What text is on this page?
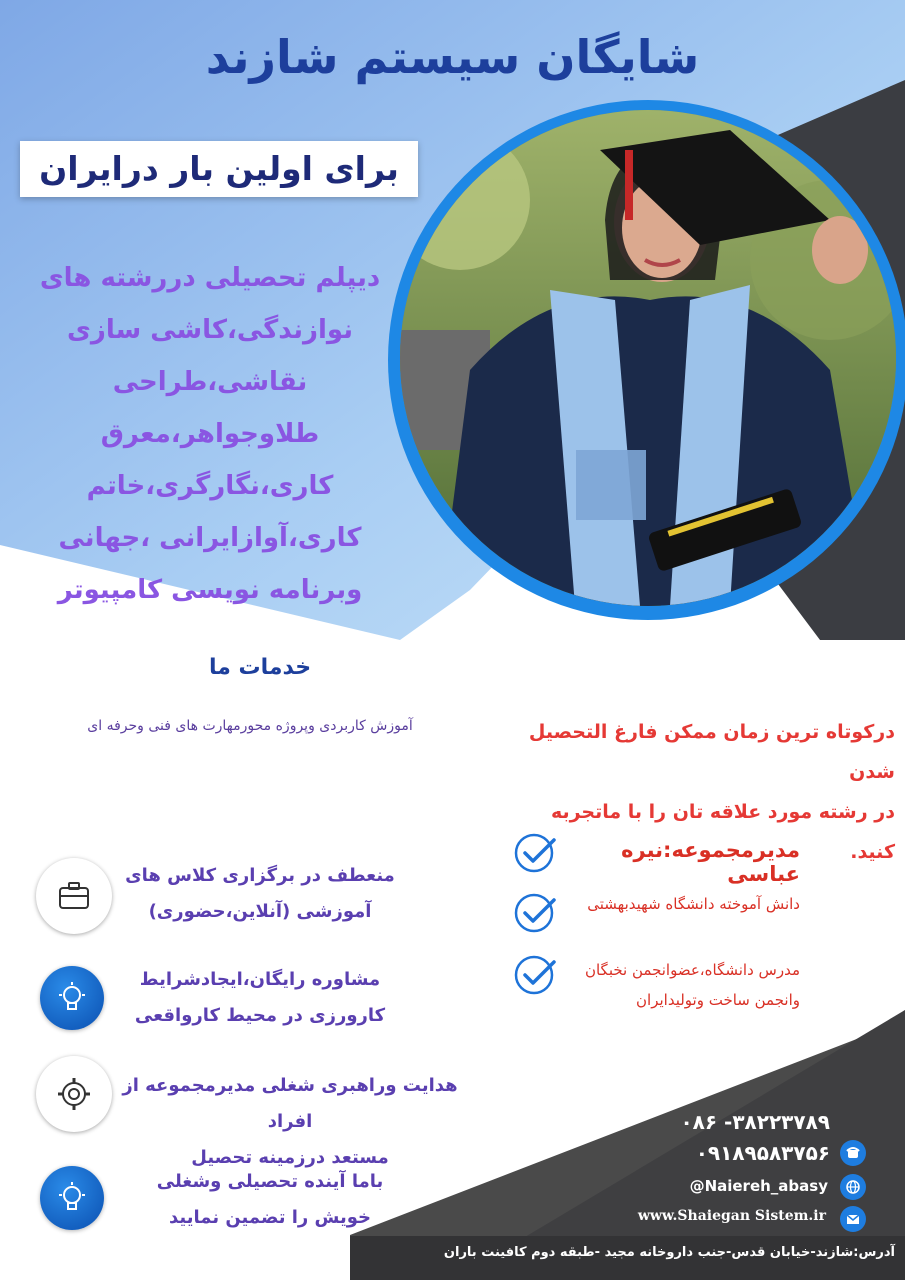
شایگان سیستم شازند
برای اولین بار درایران
دیپلم تحصیلی دررشته های
نوازندگی،کاشی سازی
نقاشی،طراحی طلاوجواهر،معرق
کاری،نگارگری،خاتم
کاری،آوازایرانی ،جهانی
وبرنامه نویسی کامپیوتر
خدمات ما
آموزش کاربردی وپروژه محورمهارت های فنی وحرفه ای	درکوتاه ترین زمان ممکن فارغ التحصیل شدن
در رشته مورد علاقه تان را با ماتجربه کنید.
مدیرمجموعه:نیره عباسی
دانش آموخته دانشگاه شهیدبهشتی
مدرس دانشگاه،عضوانجمن نخبگان
وانجمن ساخت وتولیدایران
منعطف در برگزاری کلاس های
آموزشی (آنلاین،حضوری)
مشاوره رایگان،ایجادشرایط
کارورزی در محیط کارواقعی
هدایت وراهبری شغلی مدیرمجموعه از افراد
مستعد درزمینه تحصیل
باما آینده تحصیلی وشغلی
خویش را تضمین نمایید
۰۸۶ -۳۸۲۲۳۷۸۹
۰۹۱۸۹۵۸۳۷۵۶
@Naiereh_abasy
www.Shaiegan Sistem.ir
آدرس:شازند-خیابان قدس-جنب داروخانه مجید -طبقه دوم کافینت باران
